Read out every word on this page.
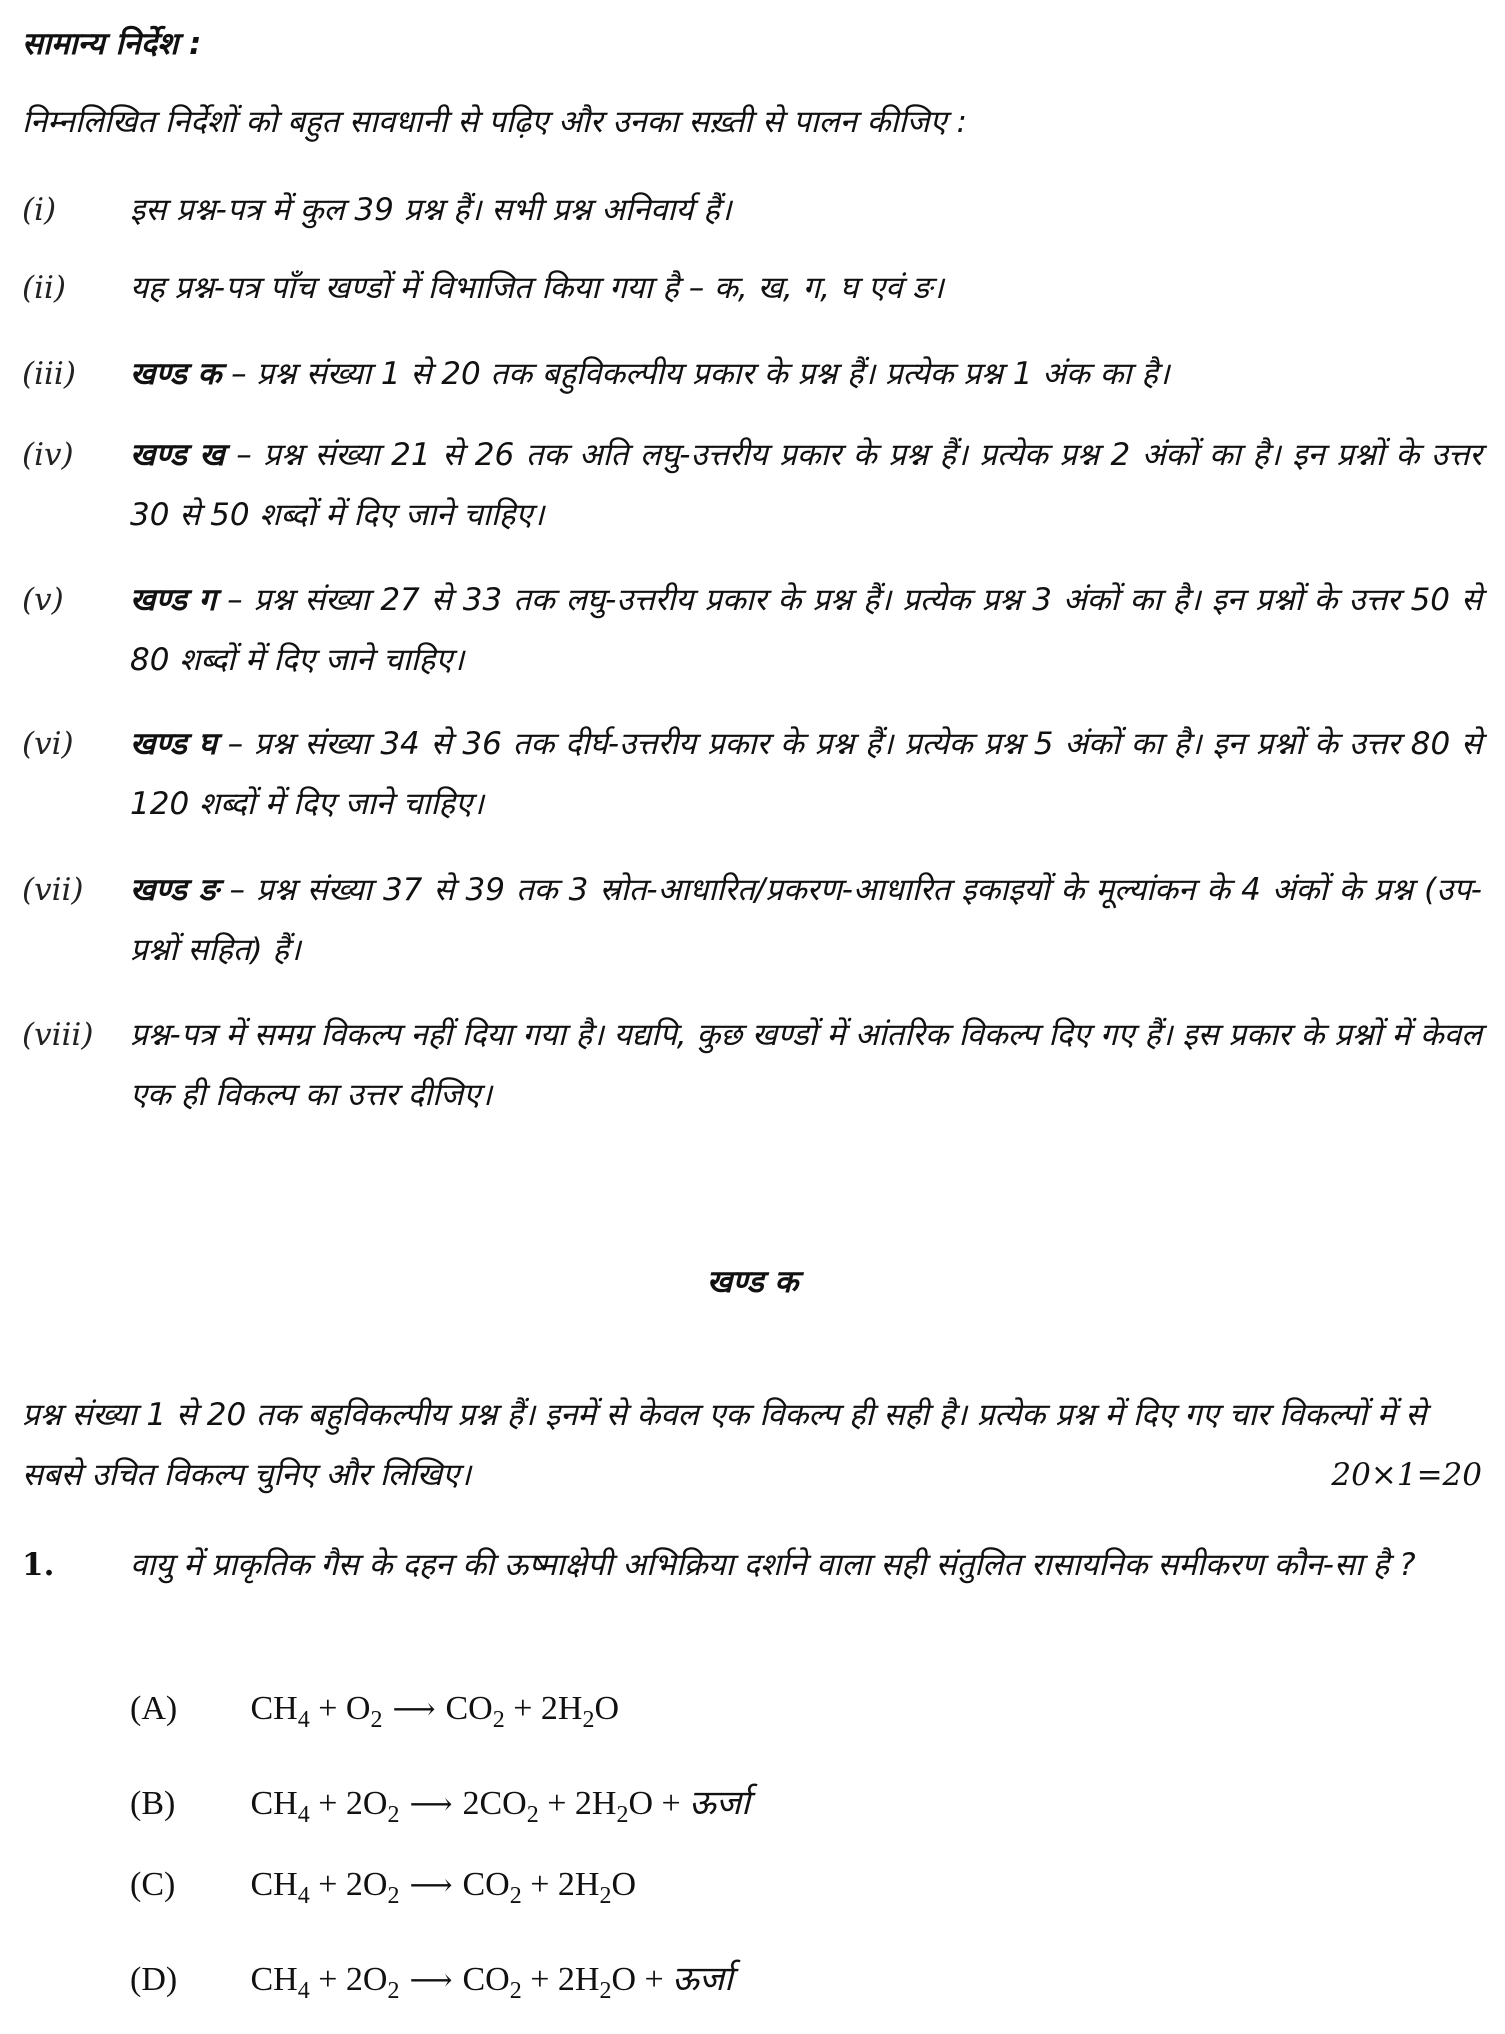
सामान्य निर्देश :
निम्नलिखित निर्देशों को बहुत सावधानी से पढ़िए और उनका सख़्ती से पालन कीजिए :
(i) इस प्रश्न-पत्र में कुल 39 प्रश्न हैं। सभी प्रश्न अनिवार्य हैं।
(ii) यह प्रश्न-पत्र पाँच खण्डों में विभाजित किया गया है – क, ख, ग, घ एवं ङ।
(iii) खण्ड क – प्रश्न संख्या 1 से 20 तक बहुविकल्पीय प्रकार के प्रश्न हैं। प्रत्येक प्रश्न 1 अंक का है।
(iv) खण्ड ख – प्रश्न संख्या 21 से 26 तक अति लघु-उत्तरीय प्रकार के प्रश्न हैं। प्रत्येक प्रश्न 2 अंकों का है। इन प्रश्नों के उत्तर 30 से 50 शब्दों में दिए जाने चाहिए।
(v) खण्ड ग – प्रश्न संख्या 27 से 33 तक लघु-उत्तरीय प्रकार के प्रश्न हैं। प्रत्येक प्रश्न 3 अंकों का है। इन प्रश्नों के उत्तर 50 से 80 शब्दों में दिए जाने चाहिए।
(vi) खण्ड घ – प्रश्न संख्या 34 से 36 तक दीर्घ-उत्तरीय प्रकार के प्रश्न हैं। प्रत्येक प्रश्न 5 अंकों का है। इन प्रश्नों के उत्तर 80 से 120 शब्दों में दिए जाने चाहिए।
(vii) खण्ड ङ – प्रश्न संख्या 37 से 39 तक 3 स्रोत-आधारित/प्रकरण-आधारित इकाइयों के मूल्यांकन के 4 अंकों के प्रश्न (उप-प्रश्नों सहित) हैं।
(viii) प्रश्न-पत्र में समग्र विकल्प नहीं दिया गया है। यद्यपि, कुछ खण्डों में आंतरिक विकल्प दिए गए हैं। इस प्रकार के प्रश्नों में केवल एक ही विकल्प का उत्तर दीजिए।
खण्ड क
प्रश्न संख्या 1 से 20 तक बहुविकल्पीय प्रश्न हैं। इनमें से केवल एक विकल्प ही सही है। प्रत्येक प्रश्न में दिए गए चार विकल्पों में से सबसे उचित विकल्प चुनिए और लिखिए।	20×1=20
1. वायु में प्राकृतिक गैस के दहन की ऊष्माक्षेपी अभिक्रिया दर्शाने वाला सही संतुलित रासायनिक समीकरण कौन-सा है ?
(A) $CH_4 + O_2$ ⟶ $CO_2 + 2H_2O$
(B) $CH_4 + 2O_2$ ⟶ $2CO_2 + 2H_2O$ + ऊर्जा
(C) $CH_4 + 2O_2$ ⟶ $CO_2 + 2H_2O$
(D) $CH_4 + 2O_2$ ⟶ $CO_2 + 2H_2O$ + ऊर्जा
